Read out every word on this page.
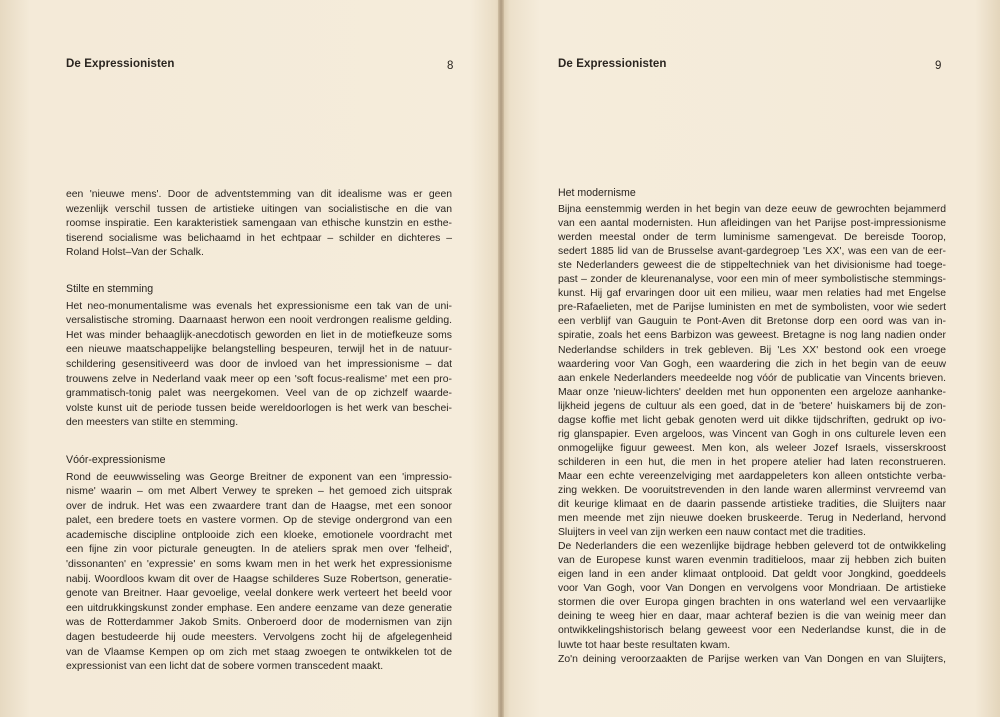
De Expressionisten	8
een 'nieuwe mens'. Door de adventstemming van dit idealisme was er geen
wezenlijk verschil tussen de artistieke uitingen van socialistische en die van
roomse inspiratie. Een karakteristiek samengaan van ethische kunstzin en esthe-
tiserend socialisme was belichaamd in het echtpaar – schilder en dichteres –
Roland Holst–Van der Schalk.
Stilte en stemming
Het neo-monumentalisme was evenals het expressionisme een tak van de uni-
versalistische stroming. Daarnaast herwon een nooit verdrongen realisme gelding.
Het was minder behaaglijk-anecdotisch geworden en liet in de motiefkeuze soms
een nieuwe maatschappelijke belangstelling bespeuren, terwijl het in de natuur-
schildering gesensitiveerd was door de invloed van het impressionisme – dat
trouwens zelve in Nederland vaak meer op een 'soft focus-realisme' met een pro-
grammatisch-tonig palet was neergekomen. Veel van de op zichzelf waarde-
volste kunst uit de periode tussen beide wereldoorlogen is het werk van beschei-
den meesters van stilte en stemming.
Vóór-expressionisme
Rond de eeuwwisseling was George Breitner de exponent van een 'impressio-
nisme' waarin – om met Albert Verwey te spreken – het gemoed zich uitsprak
over de indruk. Het was een zwaardere trant dan de Haagse, met een sonoor
palet, een bredere toets en vastere vormen. Op de stevige ondergrond van een
academische discipline ontplooide zich een kloeke, emotionele voordracht met
een fijne zin voor picturale geneugten. In de ateliers sprak men over 'felheid',
'dissonanten' en 'expressie' en soms kwam men in het werk het expressionisme
nabij. Woordloos kwam dit over de Haagse schilderes Suze Robertson, generatie-
genote van Breitner. Haar gevoelige, veelal donkere werk verteert het beeld voor
een uitdrukkingskunst zonder emphase. Een andere eenzame van deze generatie
was de Rotterdammer Jakob Smits. Onberoerd door de modernismen van zijn
dagen bestudeerde hij oude meesters. Vervolgens zocht hij de afgelegenheid
van de Vlaamse Kempen op om zich met staag zwoegen te ontwikkelen tot de
expressionist van een licht dat de sobere vormen transcedent maakt.
De Expressionisten	9
Het modernisme
Bijna eenstemmig werden in het begin van deze eeuw de gewrochten bejammerd
van een aantal modernisten. Hun afleidingen van het Parijse post-impressionisme
werden meestal onder de term luminisme samengevat. De bereisde Toorop,
sedert 1885 lid van de Brusselse avant-gardegroep 'Les XX', was een van de eer-
ste Nederlanders geweest die de stippeltechniek van het divisionisme had toege-
past – zonder de kleurenanalyse, voor een min of meer symbolistische stemmings-
kunst. Hij gaf ervaringen door uit een milieu, waar men relaties had met Engelse
pre-Rafaelieten, met de Parijse luministen en met de symbolisten, voor wie sedert
een verblijf van Gauguin te Pont-Aven dit Bretonse dorp een oord was van in-
spiratie, zoals het eens Barbizon was geweest. Bretagne is nog lang nadien onder
Nederlandse schilders in trek gebleven. Bij 'Les XX' bestond ook een vroege
waardering voor Van Gogh, een waardering die zich in het begin van de eeuw
aan enkele Nederlanders meedeelde nog vóór de publicatie van Vincents brieven.
Maar onze 'nieuw-lichters' deelden met hun opponenten een argeloze aanhanke-
lijkheid jegens de cultuur als een goed, dat in de 'betere' huiskamers bij de zon-
dagse koffie met licht gebak genoten werd uit dikke tijdschriften, gedrukt op ivo-
rig glanspapier. Even argeloos, was Vincent van Gogh in ons culturele leven een
onmogelijke figuur geweest. Men kon, als weleer Jozef Israels, visserskroost
schilderen in een hut, die men in het propere atelier had laten reconstrueren.
Maar een echte vereenzelviging met aardappeleters kon alleen ontstichte verba-
zing wekken. De vooruitstrevenden in den lande waren allerminst vervreemd van
dit keurige klimaat en de daarin passende artistieke tradities, die Sluijters naar
men meende met zijn nieuwe doeken bruskeerde. Terug in Nederland, hervond
Sluijters in veel van zijn werken een nauw contact met die tradities.
De Nederlanders die een wezenlijke bijdrage hebben geleverd tot de ontwikkeling
van de Europese kunst waren evenmin traditieloos, maar zij hebben zich buiten
eigen land in een ander klimaat ontplooid. Dat geldt voor Jongkind, goeddeels
voor Van Gogh, voor Van Dongen en vervolgens voor Mondriaan. De artistieke
stormen die over Europa gingen brachten in ons waterland wel een vervaarlijke
deining te weeg hier en daar, maar achteraf bezien is die van weinig meer dan
ontwikkelingshistorisch belang geweest voor een Nederlandse kunst, die in de
luwte tot haar beste resultaten kwam.
Zo'n deining veroorzaakten de Parijse werken van Van Dongen en van Sluijters,
